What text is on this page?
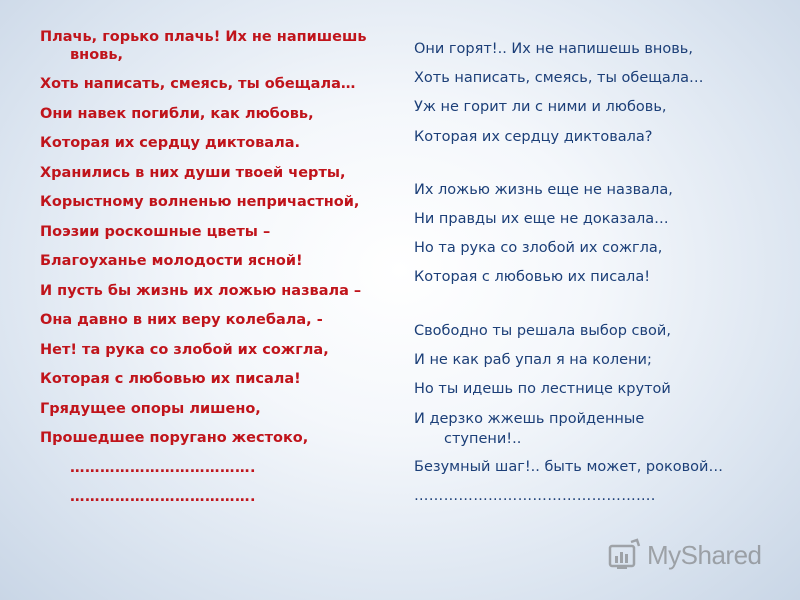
Плачь, горько плачь! Их не напишешь
вновь,
Хоть написать, смеясь, ты обещала…
Они навек погибли, как любовь,
Которая их сердцу диктовала.
Хранились в них души твоей черты,
Корыстному волненью непричастной,
Поэзии роскошные цветы –
Благоуханье молодости ясной!
И пусть бы жизнь их ложью назвала –
Она давно в них веру колебала, -
Нет! та рука со злобой их сожгла,
Которая с любовью их писала!
Грядущее опоры лишено,
Прошедшее поругано жестоко,
……………………………….
……………………………….
Они горят!.. Их не напишешь вновь,
Хоть написать, смеясь, ты обещала…
Уж не горит ли с ними и любовь,
Которая их сердцу диктовала?
Их ложью жизнь еще не назвала,
Ни правды их еще не доказала…
Но та рука со злобой их сожгла,
Которая с любовью их писала!
Свободно ты решала выбор свой,
И не как раб упал я на колени;
Но ты идешь по лестнице крутой
И дерзко жжешь пройденные
ступени!..
Безумный шаг!.. быть может, роковой…
………………………………………….
MyShared
